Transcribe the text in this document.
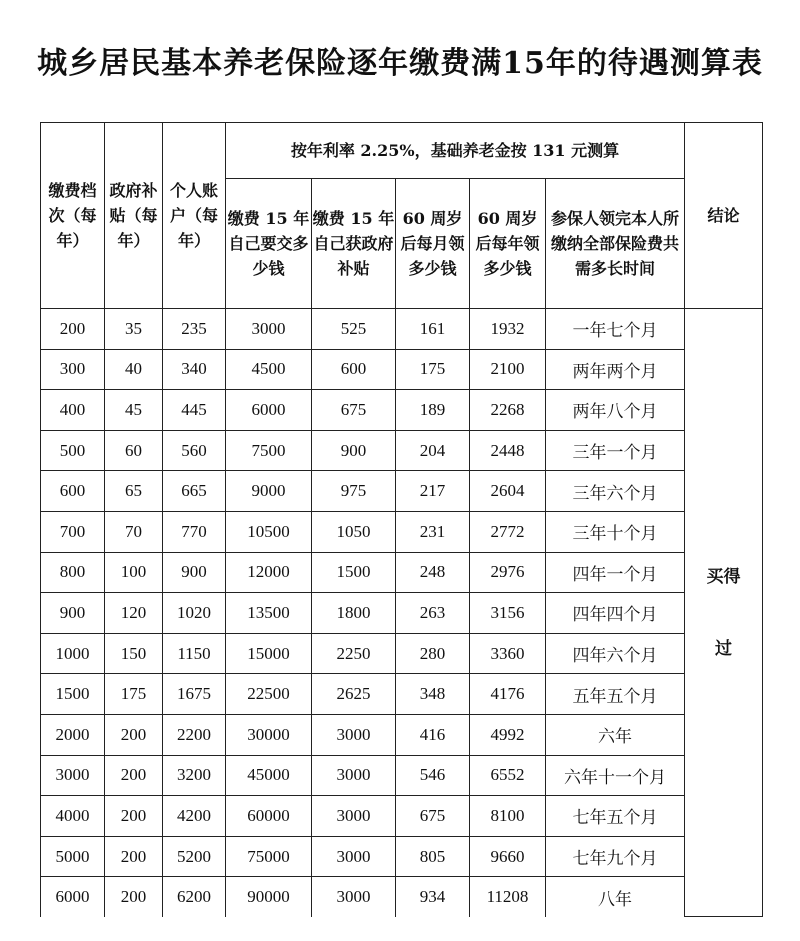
城乡居民基本养老保险逐年缴费满15年的待遇测算表
缴费档次（每年）	政府补贴（每年）	个人账户（每年）	按年利率 2.25%，基础养老金按 131 元测算					结论
			缴费 15 年自己要交多少钱	缴费 15 年自己获政府补贴	60 周岁后每月领多少钱	60 周岁后每年领多少钱	参保人领完本人所缴纳全部保险费共需多长时间	
200	35	235	3000	525	161	1932	一年七个月	买得过

300	40	340	4500	600	175	2100	两年两个月	
400	45	445	6000	675	189	2268	两年八个月	
500	60	560	7500	900	204	2448	三年一个月	
600	65	665	9000	975	217	2604	三年六个月	
700	70	770	10500	1050	231	2772	三年十个月	
800	100	900	12000	1500	248	2976	四年一个月	
900	120	1020	13500	1800	263	3156	四年四个月	
1000	150	1150	15000	2250	280	3360	四年六个月	
1500	175	1675	22500	2625	348	4176	五年五个月	
2000	200	2200	30000	3000	416	4992	六年	
3000	200	3200	45000	3000	546	6552	六年十一个月	
4000	200	4200	60000	3000	675	8100	七年五个月	
5000	200	5200	75000	3000	805	9660	七年九个月	
6000	200	6200	90000	3000	934	11208	八年	
